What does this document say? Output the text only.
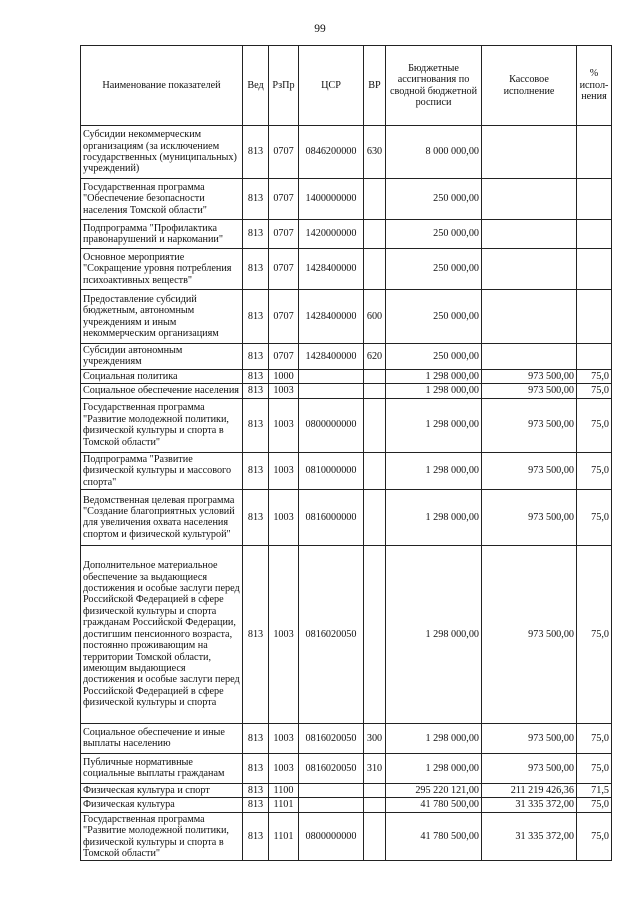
99
Наименование показателей	Вед	РзПр	ЦСР	ВР	Бюджетные ассигнования по сводной бюджетной росписи	Кассовое исполнение	% испол-нения
Субсидии некоммерческим организациям (за исключением государственных (муниципальных) учреждений)	813	0707	0846200000	630	8 000 000,00		
Государственная программа "Обеспечение безопасности населения Томской области"	813	0707	1400000000		250 000,00		
Подпрограмма "Профилактика правонарушений и наркомании"	813	0707	1420000000		250 000,00		
Основное мероприятие "Сокращение уровня потребления психоактивных веществ"	813	0707	1428400000		250 000,00		
Предоставление субсидий бюджетным, автономным учреждениям и иным некоммерческим организациям	813	0707	1428400000	600	250 000,00		
Субсидии автономным учреждениям	813	0707	1428400000	620	250 000,00		
Социальная политика	813	1000			1 298 000,00	973 500,00	75,0
Социальное обеспечение населения	813	1003			1 298 000,00	973 500,00	75,0
Государственная программа "Развитие молодежной политики, физической культуры и спорта в Томской области"	813	1003	0800000000		1 298 000,00	973 500,00	75,0
Подпрограмма "Развитие физической культуры и массового спорта"	813	1003	0810000000		1 298 000,00	973 500,00	75,0
Ведомственная целевая программа "Создание благоприятных условий для увеличения охвата населения спортом и физической культурой"	813	1003	0816000000		1 298 000,00	973 500,00	75,0
Дополнительное материальное обеспечение за выдающиеся достижения и особые заслуги перед Российской Федерацией в сфере физической культуры и спорта гражданам Российской Федерации, достигшим пенсионного возраста, постоянно проживающим на территории Томской области, имеющим выдающиеся достижения и особые заслуги перед Российской Федерацией в сфере физической культуры и спорта	813	1003	0816020050		1 298 000,00	973 500,00	75,0
Социальное обеспечение и иные выплаты населению	813	1003	0816020050	300	1 298 000,00	973 500,00	75,0
Публичные нормативные социальные выплаты гражданам	813	1003	0816020050	310	1 298 000,00	973 500,00	75,0
Физическая культура и спорт	813	1100			295 220 121,00	211 219 426,36	71,5
Физическая культура	813	1101			41 780 500,00	31 335 372,00	75,0
Государственная программа "Развитие молодежной политики, физической культуры и спорта в Томской области"	813	1101	0800000000		41 780 500,00	31 335 372,00	75,0
